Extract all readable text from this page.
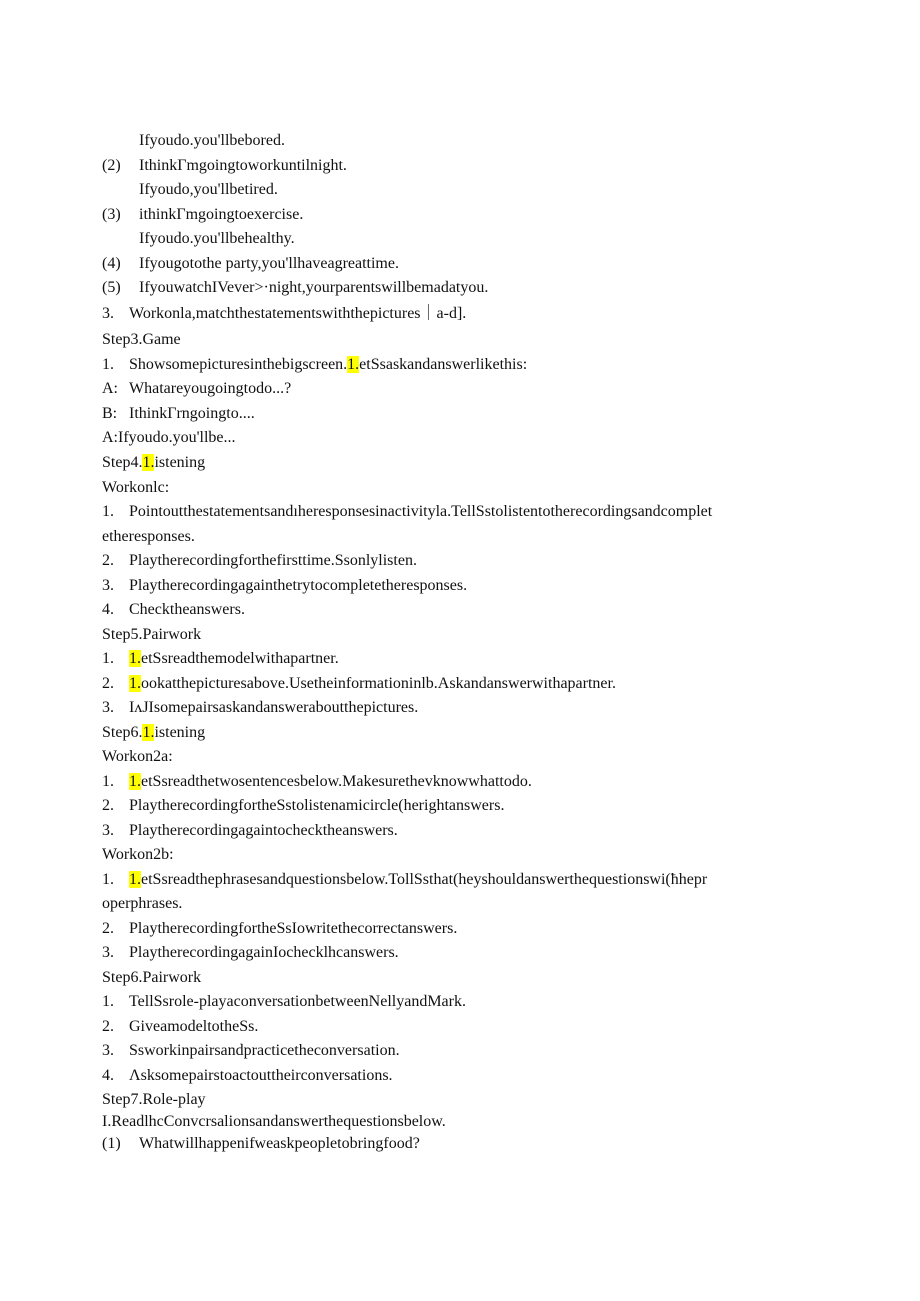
Ifyoudo.you'llbebored.
(2) IthinkΓmgoingtoworkuntilnight.
Ifyoudo,you'llbetired.
(3) ithinkΓmgoingtoexercise.
Ifyoudo.you'llbehealthy.
(4) Ifyougotothe party,you'llhaveagreattime.
(5) IfyouwatchIVever>·night,yourparentswillbemadatyou.
3. Workonla,matchthestatementswiththepictures｜a-d].
Step3.Game
1. Showsomepicturesinthebigscreen.1.etSsaskandanswerlikethis:
A: Whatareyougoingtodo...?
B: IthinkΓrngoingto....
A:Ifyoudo.you'llbe...
Step4.1.istening
Workonlc:
1. Pointoutthestatementsandıheresponsesinactivityla.TellSstolistentotherecordingsandcomplet
etheresponses.
2. Playtherecordingforthefirsttime.Ssonlylisten.
3. Playtherecordingagainthetrytocompletetheresponses.
4. Checktheanswers.
Step5.Pairwork
1. 1.etSsreadthemodelwithapartner.
2. 1.ookatthepicturesabove.Usetheinformationinlb.Askandanswerwithapartner.
3. IʌJIsomepairsaskandansweraboutthepictures.
Step6.1.istening
Workon2a:
1. 1.etSsreadthetwosentencesbelow.Makesurethevknowwhattodo.
2. PlaytherecordingfortheSstolistenamicircle(herightanswers.
3. Playtherecordingagaintochecktheanswers.
Workon2b:
1. 1.etSsreadthephrasesandquestionsbelow.TollSsthat(heyshouldanswerthequestionswi(ħhepr
operphrases.
2. PlaytherecordingfortheSsIowritethecorrectanswers.
3. PlaytherecordingagainIochecklhcanswers.
Step6.Pairwork
1. TellSsrole-playaconversationbetweenNellyandMark.
2. GiveamodeltotheSs.
3. Ssworkinpairsandpracticetheconversation.
4. Λsksomepairstoactouttheirconversations.
Step7.Role-play
I.ReadlhcConvcrsalionsandanswerthequestionsbelow.
(1) Whatwillhappenifweaskpeopletobringfood?
